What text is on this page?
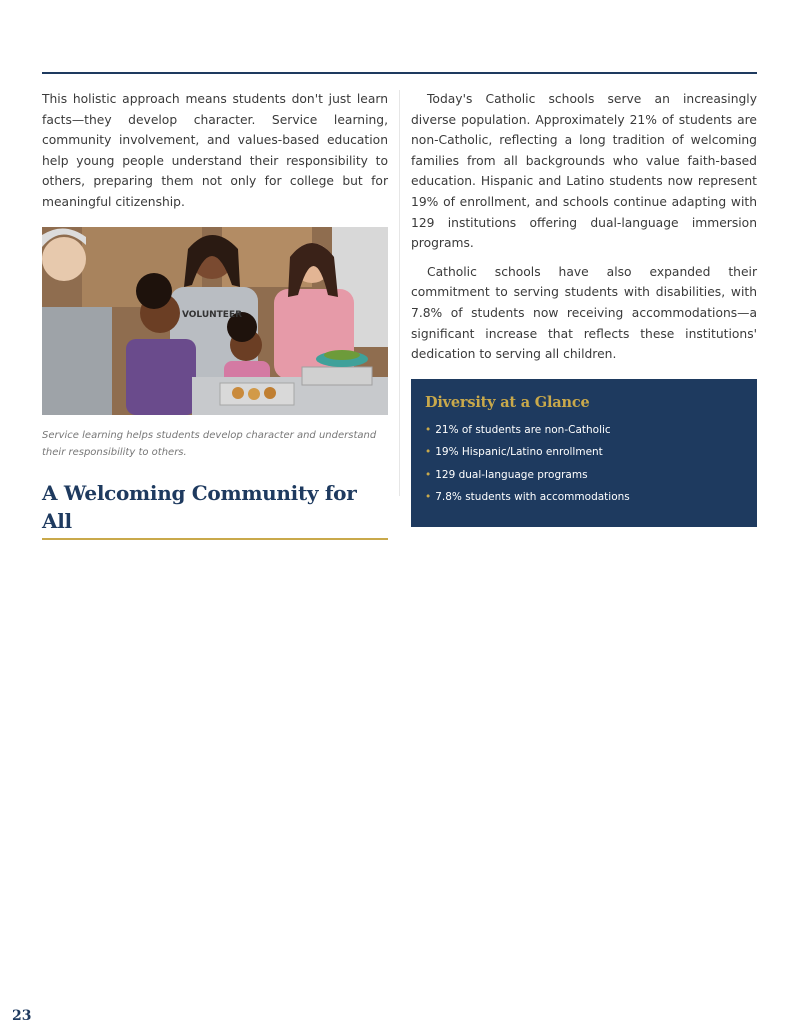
This holistic approach means students don't just learn facts—they develop character. Service learning, community involvement, and values-based education help young people understand their responsibility to others, preparing them not only for college but for meaningful citizenship.

VOLUNTEER
Service learning helps students develop character and understand their responsibility to others.
A Welcoming Community for All

Today's Catholic schools serve an increasingly diverse population. Approximately 21% of students are non-Catholic, reflecting a long tradition of welcoming families from all backgrounds who value faith-based education. Hispanic and Latino students now represent 19% of enrollment, and schools continue adapting with 129 institutions offering dual-language immersion programs.

Catholic schools have also expanded their commitment to serving students with disabilities, with 7.8% of students now receiving accommodations—a significant increase that reflects these institutions' dedication to serving all children.

Diversity at a Glance
• 21% of students are non-Catholic
• 19% Hispanic/Latino enrollment
• 129 dual-language programs
• 7.8% students with accommodations
23
